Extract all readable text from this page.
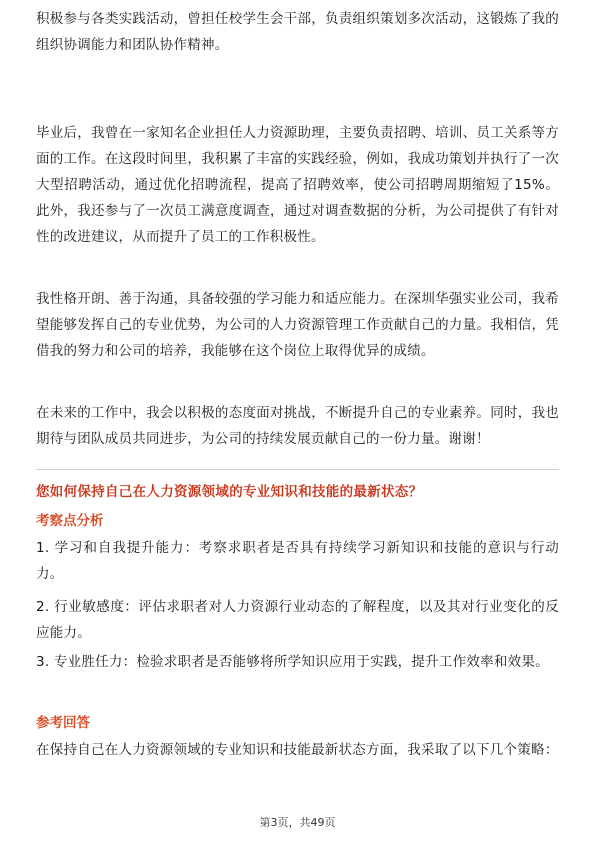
积极参与各类实践活动，曾担任校学生会干部，负责组织策划多次活动，这锻炼了我的组织协调能力和团队协作精神。

毕业后，我曾在一家知名企业担任人力资源助理，主要负责招聘、培训、员工关系等方面的工作。在这段时间里，我积累了丰富的实践经验，例如，我成功策划并执行了一次大型招聘活动，通过优化招聘流程，提高了招聘效率，使公司招聘周期缩短了15%。此外，我还参与了一次员工满意度调查，通过对调查数据的分析，为公司提供了有针对性的改进建议，从而提升了员工的工作积极性。

我性格开朗、善于沟通，具备较强的学习能力和适应能力。在深圳华强实业公司，我希望能够发挥自己的专业优势，为公司的人力资源管理工作贡献自己的力量。我相信，凭借我的努力和公司的培养，我能够在这个岗位上取得优异的成绩。

在未来的工作中，我会以积极的态度面对挑战，不断提升自己的专业素养。同时，我也期待与团队成员共同进步，为公司的持续发展贡献自己的一份力量。谢谢！

您如何保持自己在人力资源领域的专业知识和技能的最新状态？

考察点分析

1. 学习和自我提升能力：考察求职者是否具有持续学习新知识和技能的意识与行动力。

2. 行业敏感度：评估求职者对人力资源行业动态的了解程度，以及其对行业变化的反应能力。

3. 专业胜任力：检验求职者是否能够将所学知识应用于实践，提升工作效率和效果。

参考回答

在保持自己在人力资源领域的专业知识和技能最新状态方面，我采取了以下几个策略：

第3页，共49页
